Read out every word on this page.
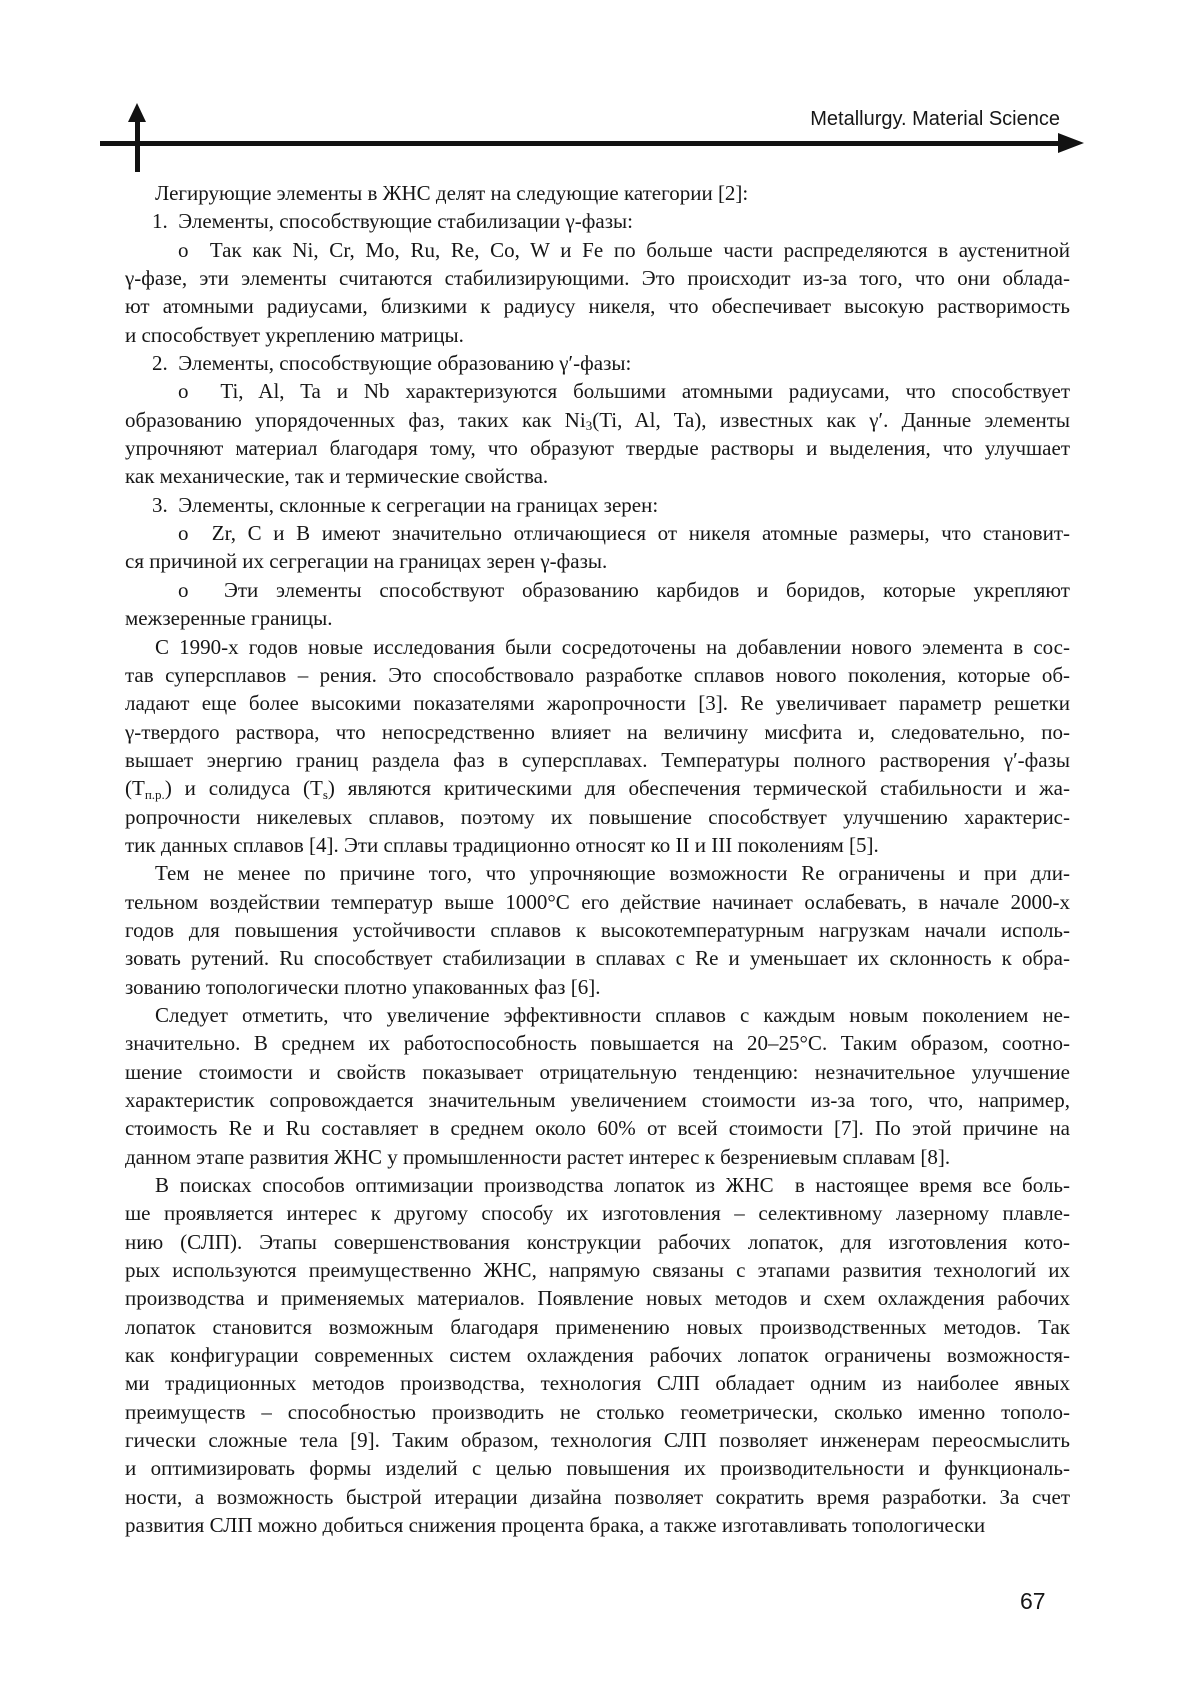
Metallurgy. Material Science
Легирующие элементы в ЖНС делят на следующие категории [2]:
1.  Элементы, способствующие стабилизации γ-фазы:
о  Так как Ni, Cr, Mo, Ru, Re, Co, W и Fe по больше части распределяются в аустенитной
γ-фазе, эти элементы считаются стабилизирующими. Это происходит из-за того, что они облада-
ют атомными радиусами, близкими к радиусу никеля, что обеспечивает высокую растворимость
и способствует укреплению матрицы.
2.  Элементы, способствующие образованию γ′-фазы:
о  Ti, Al, Ta и Nb характеризуются большими атомными радиусами, что способствует
образованию упорядоченных фаз, таких как $Ni_3(Ti$, Al, Ta), известных как γ′. Данные элементы
упрочняют материал благодаря тому, что образуют твердые растворы и выделения, что улучшает
как механические, так и термические свойства.
3.  Элементы, склонные к сегрегации на границах зерен:
о  Zr, C и B имеют значительно отличающиеся от никеля атомные размеры, что становит-
ся причиной их сегрегации на границах зерен γ-фазы.
о  Эти элементы способствуют образованию карбидов и боридов, которые укрепляют
межзеренные границы.
С 1990-х годов новые исследования были сосредоточены на добавлении нового элемента в сос-
тав суперсплавов – рения. Это способствовало разработке сплавов нового поколения, которые об-
ладают еще более высокими показателями жаропрочности [3]. Re увеличивает параметр решетки
γ-твердого раствора, что непосредственно влияет на величину мисфита и, следовательно, по-
вышает энергию границ раздела фаз в суперсплавах. Температуры полного растворения γ′-фазы
$(T_{п.р.})$ и солидуса $(T_s)$ являются критическими для обеспечения термической стабильности и жа-
ропрочности никелевых сплавов, поэтому их повышение способствует улучшению характерис-
тик данных сплавов [4]. Эти сплавы традиционно относят ко II и III поколениям [5].
Тем не менее по причине того, что упрочняющие возможности Re ограничены и при дли-
тельном воздействии температур выше 1000°С его действие начинает ослабевать, в начале 2000-х
годов для повышения устойчивости сплавов к высокотемпературным нагрузкам начали исполь-
зовать рутений. Ru способствует стабилизации в сплавах с Re и уменьшает их склонность к обра-
зованию топологически плотно упакованных фаз [6].
Следует отметить, что увеличение эффективности сплавов с каждым новым поколением не-
значительно. В среднем их работоспособность повышается на 20–25°С. Таким образом, соотно-
шение стоимости и свойств показывает отрицательную тенденцию: незначительное улучшение
характеристик сопровождается значительным увеличением стоимости из-за того, что, например,
стоимость Re и Ru составляет в среднем около 60% от всей стоимости [7]. По этой причине на
данном этапе развития ЖНС у промышленности растет интерес к безрениевым сплавам [8].
В поисках способов оптимизации производства лопаток из ЖНС  в настоящее время все боль-
ше проявляется интерес к другому способу их изготовления – селективному лазерному плавле-
нию (СЛП). Этапы совершенствования конструкции рабочих лопаток, для изготовления кото-
рых используются преимущественно ЖНС, напрямую связаны с этапами развития технологий их
производства и применяемых материалов. Появление новых методов и схем охлаждения рабочих
лопаток становится возможным благодаря применению новых производственных методов. Так
как конфигурации современных систем охлаждения рабочих лопаток ограничены возможностя-
ми традиционных методов производства, технология СЛП обладает одним из наиболее явных
преимуществ – способностью производить не столько геометрически, сколько именно тополо-
гически сложные тела [9]. Таким образом, технология СЛП позволяет инженерам переосмыслить
и оптимизировать формы изделий с целью повышения их производительности и функциональ-
ности, а возможность быстрой итерации дизайна позволяет сократить время разработки. За счет
развития СЛП можно добиться снижения процента брака, а также изготавливать топологически
67
